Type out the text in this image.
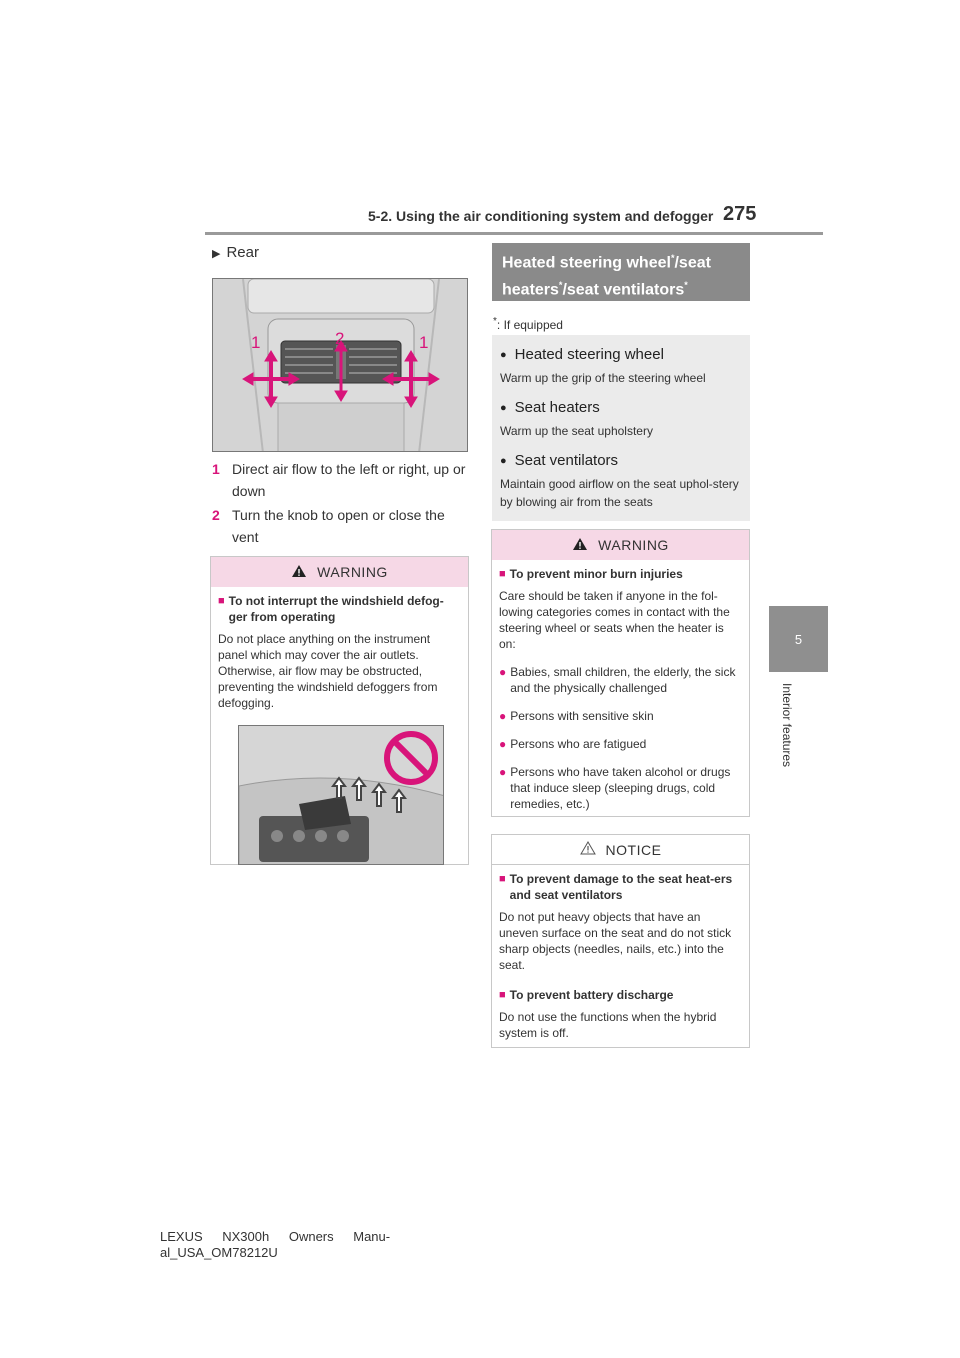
5-2. Using the air conditioning system and defogger 275
5
Interior features
▶ Rear
1	2	1
1 Direct air flow to the left or right, up or down
2 Turn the knob to open or close the vent
WARNING
■ To not interrupt the windshield defog-ger from operating
Do not place anything on the instrument panel which may cover the air outlets. Otherwise, air flow may be obstructed, preventing the windshield defoggers from defogging.
Heated steering wheel*/seat
heaters*/seat ventilators*
*: If equipped
● Heated steering wheel
Warm up the grip of the steering wheel
● Seat heaters
Warm up the seat upholstery
● Seat ventilators
Maintain good airflow on the seat uphol-stery by blowing air from the seats
WARNING
■ To prevent minor burn injuries
Care should be taken if anyone in the fol-lowing categories comes in contact with the steering wheel or seats when the heater is on:
● Babies, small children, the elderly, the sick and the physically challenged
● Persons with sensitive skin
● Persons who are fatigued
● Persons who have taken alcohol or drugs that induce sleep (sleeping drugs, cold remedies, etc.)
NOTICE
■ To prevent damage to the seat heat-ers and seat ventilators
Do not put heavy objects that have an uneven surface on the seat and do not stick sharp objects (needles, nails, etc.) into the seat.
■ To prevent battery discharge
Do not use the functions when the hybrid system is off.
LEXUS NX300h Owners Manu-
al_USA_OM78212U
